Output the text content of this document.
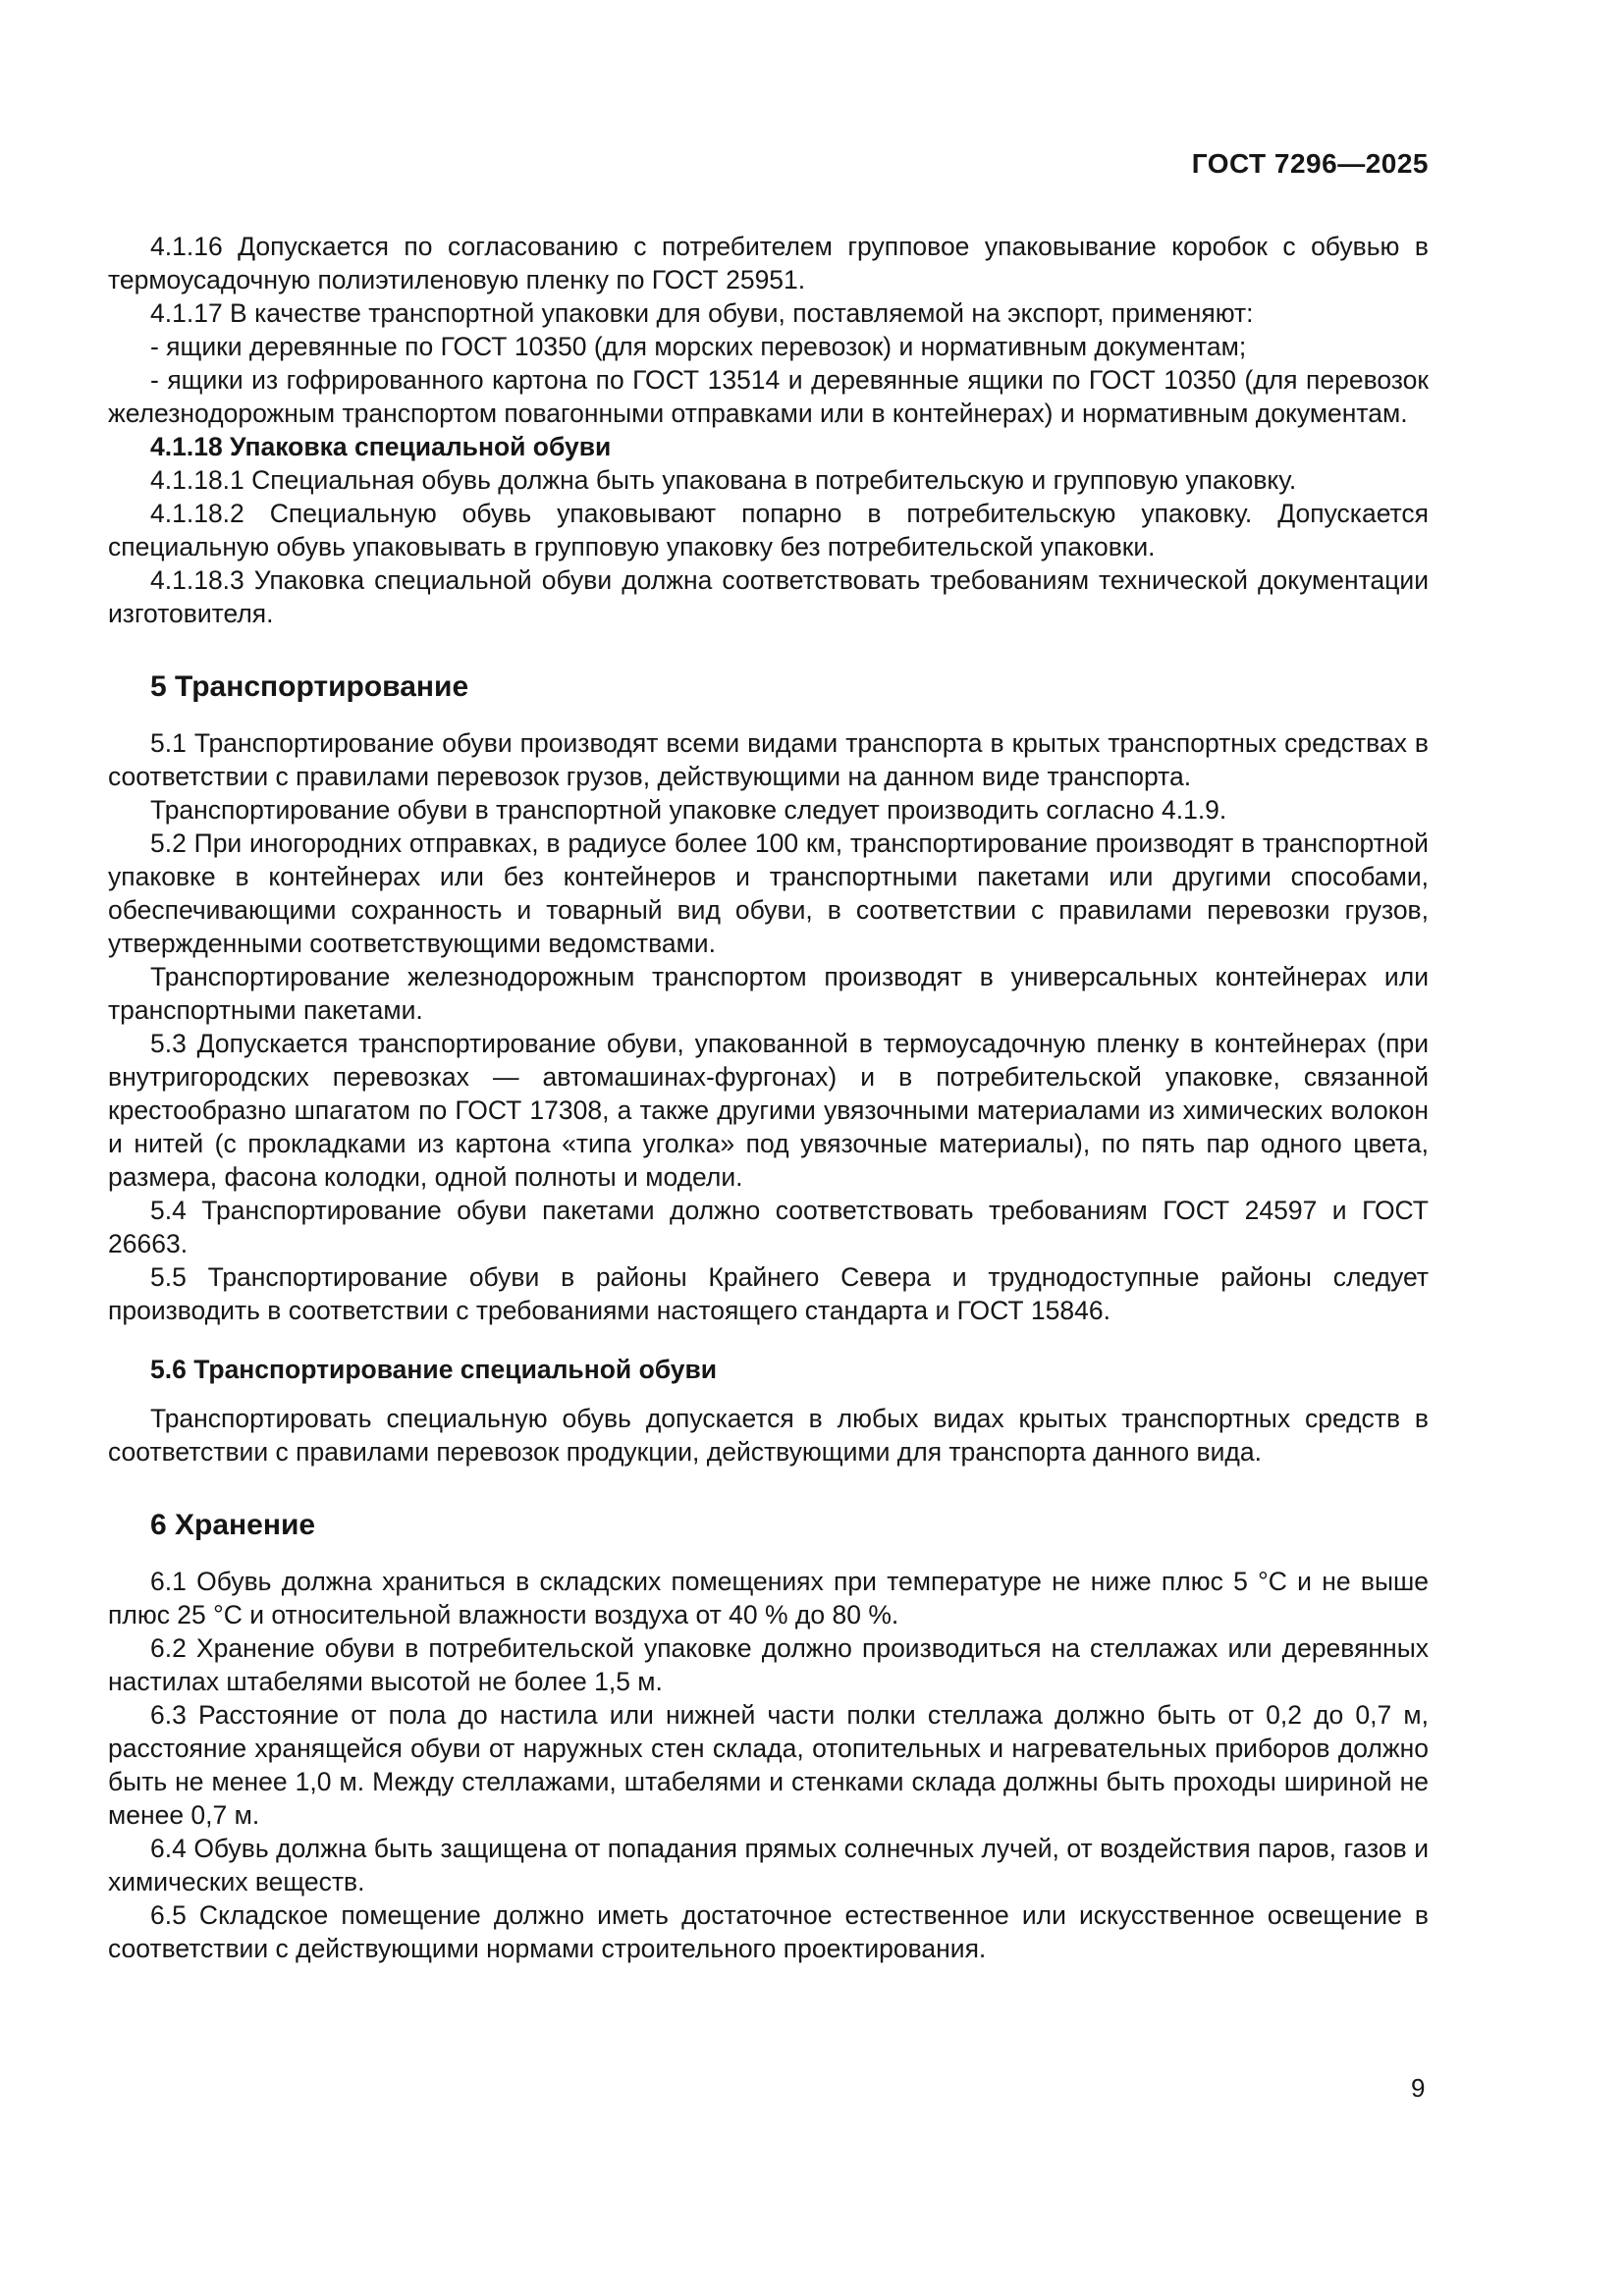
ГОСТ 7296—2025

4.1.16 Допускается по согласованию с потребителем групповое упаковывание коробок с обувью в термоусадочную полиэтиленовую пленку по ГОСТ 25951.

4.1.17 В качестве транспортной упаковки для обуви, поставляемой на экспорт, применяют:

- ящики деревянные по ГОСТ 10350 (для морских перевозок) и нормативным документам;

- ящики из гофрированного картона по ГОСТ 13514 и деревянные ящики по ГОСТ 10350 (для перевозок железнодорожным транспортом повагонными отправками или в контейнерах) и нормативным документам.

4.1.18 Упаковка специальной обуви

4.1.18.1 Специальная обувь должна быть упакована в потребительскую и групповую упаковку.

4.1.18.2 Специальную обувь упаковывают попарно в потребительскую упаковку. Допускается специальную обувь упаковывать в групповую упаковку без потребительской упаковки.

4.1.18.3 Упаковка специальной обуви должна соответствовать требованиям технической документации изготовителя.

5 Транспортирование

5.1 Транспортирование обуви производят всеми видами транспорта в крытых транспортных средствах в соответствии с правилами перевозок грузов, действующими на данном виде транспорта.

Транспортирование обуви в транспортной упаковке следует производить согласно 4.1.9.

5.2 При иногородних отправках, в радиусе более 100 км, транспортирование производят в транспортной упаковке в контейнерах или без контейнеров и транспортными пакетами или другими способами, обеспечивающими сохранность и товарный вид обуви, в соответствии с правилами перевозки грузов, утвержденными соответствующими ведомствами.

Транспортирование железнодорожным транспортом производят в универсальных контейнерах или транспортными пакетами.

5.3 Допускается транспортирование обуви, упакованной в термоусадочную пленку в контейнерах (при внутригородских перевозках — автомашинах-фургонах) и в потребительской упаковке, связанной крестообразно шпагатом по ГОСТ 17308, а также другими увязочными материалами из химических волокон и нитей (с прокладками из картона «типа уголка» под увязочные материалы), по пять пар одного цвета, размера, фасона колодки, одной полноты и модели.

5.4 Транспортирование обуви пакетами должно соответствовать требованиям ГОСТ 24597 и ГОСТ 26663.

5.5 Транспортирование обуви в районы Крайнего Севера и труднодоступные районы следует производить в соответствии с требованиями настоящего стандарта и ГОСТ 15846.

5.6 Транспортирование специальной обуви

Транспортировать специальную обувь допускается в любых видах крытых транспортных средств в соответствии с правилами перевозок продукции, действующими для транспорта данного вида.

6 Хранение

6.1 Обувь должна храниться в складских помещениях при температуре не ниже плюс 5 °С и не выше плюс 25 °С и относительной влажности воздуха от 40 % до 80 %.

6.2 Хранение обуви в потребительской упаковке должно производиться на стеллажах или деревянных настилах штабелями высотой не более 1,5 м.

6.3 Расстояние от пола до настила или нижней части полки стеллажа должно быть от 0,2 до 0,7 м, расстояние хранящейся обуви от наружных стен склада, отопительных и нагревательных приборов должно быть не менее 1,0 м. Между стеллажами, штабелями и стенками склада должны быть проходы шириной не менее 0,7 м.

6.4 Обувь должна быть защищена от попадания прямых солнечных лучей, от воздействия паров, газов и химических веществ.

6.5 Складское помещение должно иметь достаточное естественное или искусственное освещение в соответствии с действующими нормами строительного проектирования.

9
